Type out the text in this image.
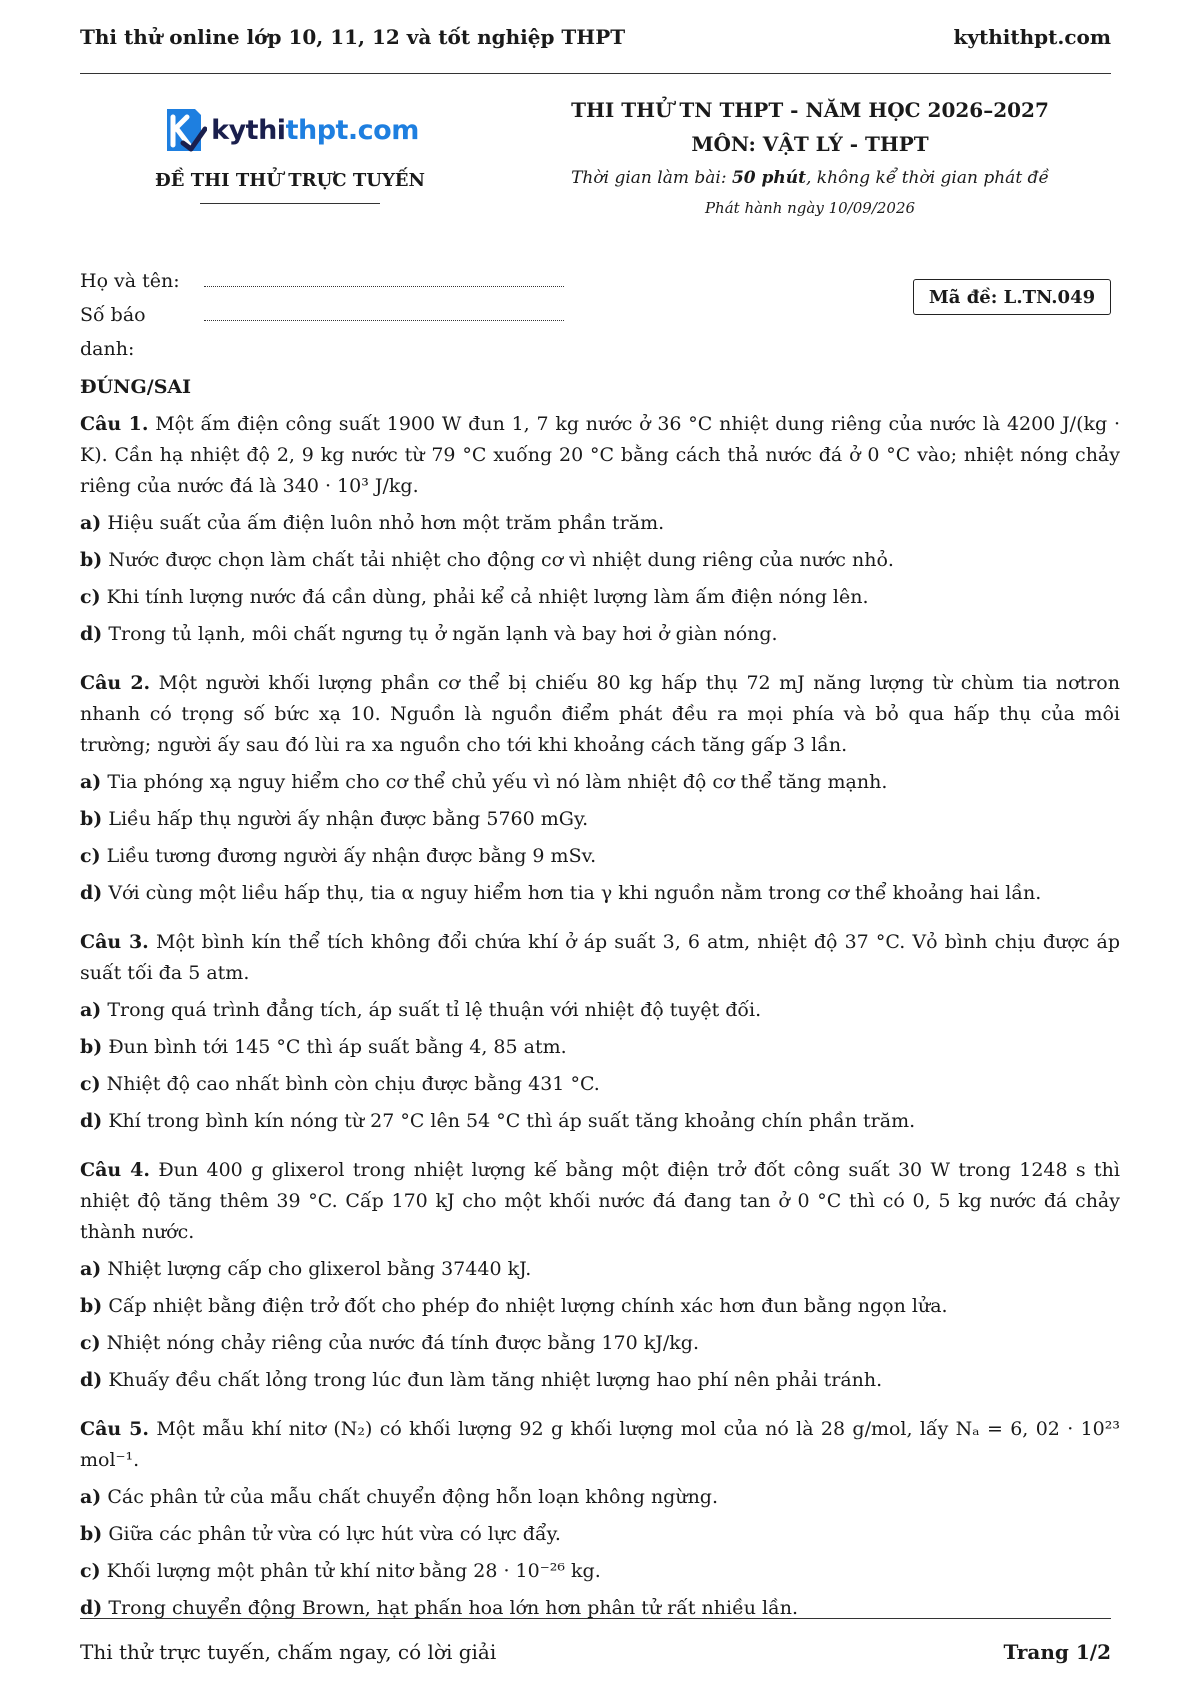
Thi thử online lớp 10, 11, 12 và tốt nghiệp THPT	kythithpt.com
kythithpt.com
ĐỀ THI THỬ TRỰC TUYẾN
THI THỬ TN THPT - NĂM HỌC 2026–2027
MÔN: VẬT LÝ - THPT
Thời gian làm bài: 50 phút, không kể thời gian phát đề
Phát hành ngày 10/09/2026
Họ và tên:
Số báo danh:
Mã đề: L.TN.049
ĐÚNG/SAI
Câu 1. Một ấm điện công suất 1900 W đun 1, 7 kg nước ở 36 °C nhiệt dung riêng của nước là 4200 J/(kg · K). Cần hạ nhiệt độ 2, 9 kg nước từ 79 °C xuống 20 °C bằng cách thả nước đá ở 0 °C vào; nhiệt nóng chảy riêng của nước đá là 340 · 10³ J/kg.
a) Hiệu suất của ấm điện luôn nhỏ hơn một trăm phần trăm.
b) Nước được chọn làm chất tải nhiệt cho động cơ vì nhiệt dung riêng của nước nhỏ.
c) Khi tính lượng nước đá cần dùng, phải kể cả nhiệt lượng làm ấm điện nóng lên.
d) Trong tủ lạnh, môi chất ngưng tụ ở ngăn lạnh và bay hơi ở giàn nóng.
Câu 2. Một người khối lượng phần cơ thể bị chiếu 80 kg hấp thụ 72 mJ năng lượng từ chùm tia nơtron nhanh có trọng số bức xạ 10. Nguồn là nguồn điểm phát đều ra mọi phía và bỏ qua hấp thụ của môi trường; người ấy sau đó lùi ra xa nguồn cho tới khi khoảng cách tăng gấp 3 lần.
a) Tia phóng xạ nguy hiểm cho cơ thể chủ yếu vì nó làm nhiệt độ cơ thể tăng mạnh.
b) Liều hấp thụ người ấy nhận được bằng 5760 mGy.
c) Liều tương đương người ấy nhận được bằng 9 mSv.
d) Với cùng một liều hấp thụ, tia α nguy hiểm hơn tia γ khi nguồn nằm trong cơ thể khoảng hai lần.
Câu 3. Một bình kín thể tích không đổi chứa khí ở áp suất 3, 6 atm, nhiệt độ 37 °C. Vỏ bình chịu được áp suất tối đa 5 atm.
a) Trong quá trình đẳng tích, áp suất tỉ lệ thuận với nhiệt độ tuyệt đối.
b) Đun bình tới 145 °C thì áp suất bằng 4, 85 atm.
c) Nhiệt độ cao nhất bình còn chịu được bằng 431 °C.
d) Khí trong bình kín nóng từ 27 °C lên 54 °C thì áp suất tăng khoảng chín phần trăm.
Câu 4. Đun 400 g glixerol trong nhiệt lượng kế bằng một điện trở đốt công suất 30 W trong 1248 s thì nhiệt độ tăng thêm 39 °C. Cấp 170 kJ cho một khối nước đá đang tan ở 0 °C thì có 0, 5 kg nước đá chảy thành nước.
a) Nhiệt lượng cấp cho glixerol bằng 37440 kJ.
b) Cấp nhiệt bằng điện trở đốt cho phép đo nhiệt lượng chính xác hơn đun bằng ngọn lửa.
c) Nhiệt nóng chảy riêng của nước đá tính được bằng 170 kJ/kg.
d) Khuấy đều chất lỏng trong lúc đun làm tăng nhiệt lượng hao phí nên phải tránh.
Câu 5. Một mẫu khí nitơ (N₂) có khối lượng 92 g khối lượng mol của nó là 28 g/mol, lấy Nₐ = 6, 02 · 10²³ mol⁻¹.
a) Các phân tử của mẫu chất chuyển động hỗn loạn không ngừng.
b) Giữa các phân tử vừa có lực hút vừa có lực đẩy.
c) Khối lượng một phân tử khí nitơ bằng 28 · 10⁻²⁶ kg.
d) Trong chuyển động Brown, hạt phấn hoa lớn hơn phân tử rất nhiều lần.
Thi thử trực tuyến, chấm ngay, có lời giải	Trang 1/2
